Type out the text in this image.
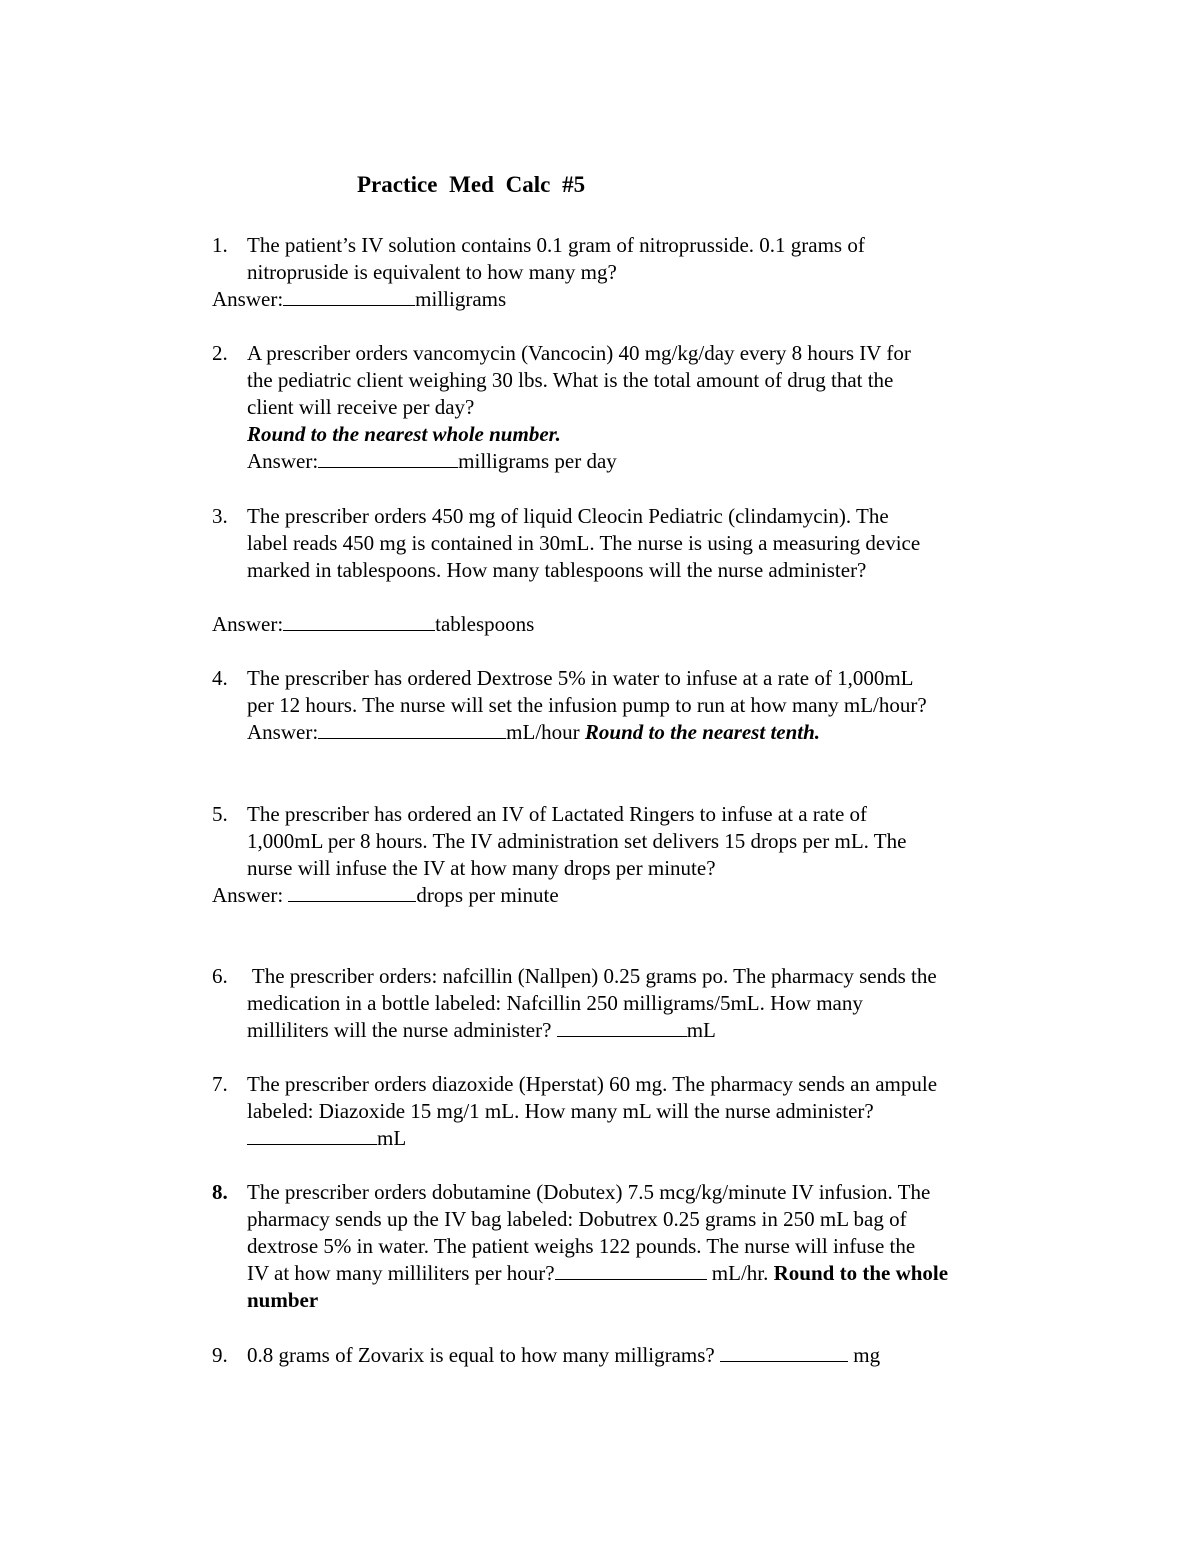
Practice Med Calc #5
1. The patient’s IV solution contains 0.1 gram of nitroprusside. 0.1 grams of
nitropruside is equivalent to how many mg?
Answer:	milligrams
2. A prescriber orders vancomycin (Vancocin) 40 mg/kg/day every 8 hours IV for
the pediatric client weighing 30 lbs. What is the total amount of drug that the
client will receive per day?
Round to the nearest whole number.
Answer:	milligrams per day
3. The prescriber orders 450 mg of liquid Cleocin Pediatric (clindamycin). The
label reads 450 mg is contained in 30mL. The nurse is using a measuring device
marked in tablespoons. How many tablespoons will the nurse administer?
Answer:	tablespoons
4. The prescriber has ordered Dextrose 5% in water to infuse at a rate of 1,000mL
per 12 hours. The nurse will set the infusion pump to run at how many mL/hour?
Answer:	mL/hour Round to the nearest tenth.
5. The prescriber has ordered an IV of Lactated Ringers to infuse at a rate of
1,000mL per 8 hours. The IV administration set delivers 15 drops per mL. The
nurse will infuse the IV at how many drops per minute?
Answer:	drops per minute
6. The prescriber orders: nafcillin (Nallpen) 0.25 grams po. The pharmacy sends the
medication in a bottle labeled: Nafcillin 250 milligrams/5mL. How many
milliliters will the nurse administer?	mL
7. The prescriber orders diazoxide (Hperstat) 60 mg. The pharmacy sends an ampule
labeled: Diazoxide 15 mg/1 mL. How many mL will the nurse administer?
mL
8. The prescriber orders dobutamine (Dobutex) 7.5 mcg/kg/minute IV infusion. The
pharmacy sends up the IV bag labeled: Dobutrex 0.25 grams in 250 mL bag of
dextrose 5% in water. The patient weighs 122 pounds. The nurse will infuse the
IV at how many milliliters per hour?	mL/hr. Round to the whole
number
9. 0.8 grams of Zovarix is equal to how many milligrams?	mg
